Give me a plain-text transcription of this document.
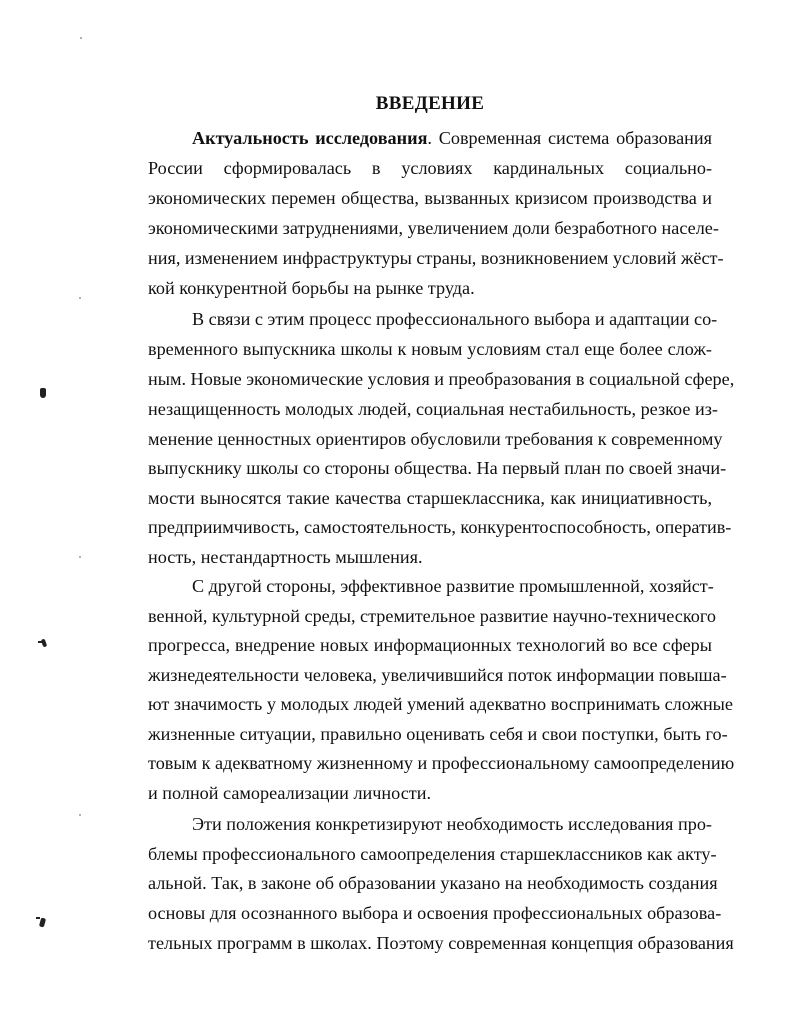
ВВЕДЕНИЕ
Актуальность исследования. Современная система образования
России сформировалась в условиях кардинальных социально-
экономических перемен общества, вызванных кризисом производства и
экономическими затруднениями, увеличением доли безработного населе-
ния, изменением инфраструктуры страны, возникновением условий жёст-
кой конкурентной борьбы на рынке труда.
В связи с этим процесс профессионального выбора и адаптации со-
временного выпускника школы к новым условиям стал еще более слож-
ным. Новые экономические условия и преобразования в социальной сфере,
незащищенность молодых людей, социальная нестабильность, резкое из-
менение ценностных ориентиров обусловили требования к современному
выпускнику школы со стороны общества. На первый план по своей значи-
мости выносятся такие качества старшеклассника, как инициативность,
предприимчивость, самостоятельность, конкурентоспособность, оператив-
ность, нестандартность мышления.
С другой стороны, эффективное развитие промышленной, хозяйст-
венной, культурной среды, стремительное развитие научно-технического
прогресса, внедрение новых информационных технологий во все сферы
жизнедеятельности человека, увеличившийся поток информации повыша-
ют значимость у молодых людей умений адекватно воспринимать сложные
жизненные ситуации, правильно оценивать себя и свои поступки, быть го-
товым к адекватному жизненному и профессиональному самоопределению
и полной самореализации личности.
Эти положения конкретизируют необходимость исследования про-
блемы профессионального самоопределения старшеклассников как акту-
альной. Так, в законе об образовании указано на необходимость создания
основы для осознанного выбора и освоения профессиональных образова-
тельных программ в школах. Поэтому современная концепция образования
